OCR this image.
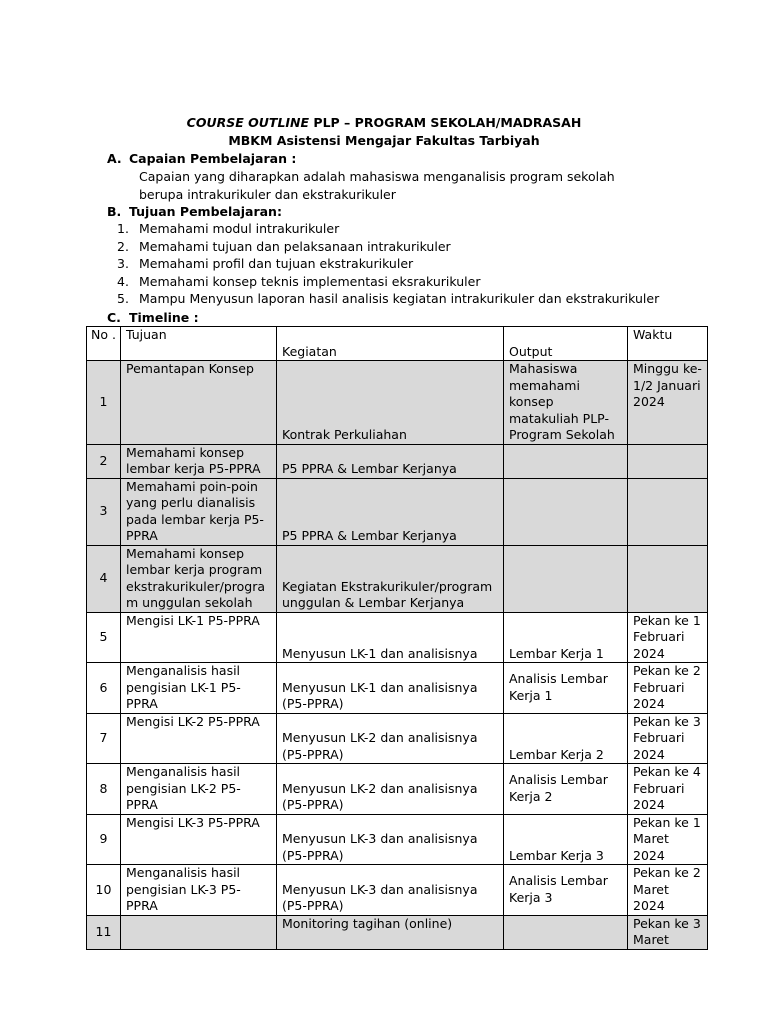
COURSE OUTLINE PLP – PROGRAM SEKOLAH/MADRASAH
MBKM Asistensi Mengajar Fakultas Tarbiyah
A. Capaian Pembelajaran :
Capaian yang diharapkan adalah mahasiswa menganalisis program sekolah berupa intrakurikuler dan ekstrakurikuler
B. Tujuan Pembelajaran:
1. Memahami modul intrakurikuler
2. Memahami tujuan dan pelaksanaan intrakurikuler
3. Memahami profil dan tujuan ekstrakurikuler
4. Memahami konsep teknis implementasi eksrakurikuler
5. Mampu Menyusun laporan hasil analisis kegiatan intrakurikuler dan ekstrakurikuler
C. Timeline :
No .	Tujuan	Kegiatan	Output	Waktu
1	Pemantapan Konsep	Kontrak Perkuliahan	Mahasiswa memahami konsep matakuliah PLP-Program Sekolah	Minggu ke-1/2 Januari 2024
2	Memahami konsep lembar kerja P5-PPRA	P5 PPRA & Lembar Kerjanya		
3	Memahami poin-poin yang perlu dianalisis pada lembar kerja P5-PPRA	P5 PPRA & Lembar Kerjanya		
4	Memahami konsep lembar kerja program ekstrakurikuler/program unggulan sekolah	Kegiatan Ekstrakurikuler/program unggulan & Lembar Kerjanya		
5	Mengisi LK-1 P5-PPRA	Menyusun LK-1 dan analisisnya	Lembar Kerja 1	Pekan ke 1 Februari 2024
6	Menganalisis hasil pengisian LK-1 P5-PPRA	Menyusun LK-1 dan analisisnya (P5-PPRA)	Analisis Lembar Kerja 1	Pekan ke 2 Februari 2024
7	Mengisi LK-2 P5-PPRA	Menyusun LK-2 dan analisisnya (P5-PPRA)	Lembar Kerja 2	Pekan ke 3 Februari 2024
8	Menganalisis hasil pengisian LK-2 P5-PPRA	Menyusun LK-2 dan analisisnya (P5-PPRA)	Analisis Lembar Kerja 2	Pekan ke 4 Februari 2024
9	Mengisi LK-3 P5-PPRA	Menyusun LK-3 dan analisisnya (P5-PPRA)	Lembar Kerja 3	Pekan ke 1 Maret 2024
10	Menganalisis hasil pengisian LK-3 P5-PPRA	Menyusun LK-3 dan analisisnya (P5-PPRA)	Analisis Lembar Kerja 3	Pekan ke 2 Maret 2024
11		Monitoring tagihan (online)		Pekan ke 3 Maret
